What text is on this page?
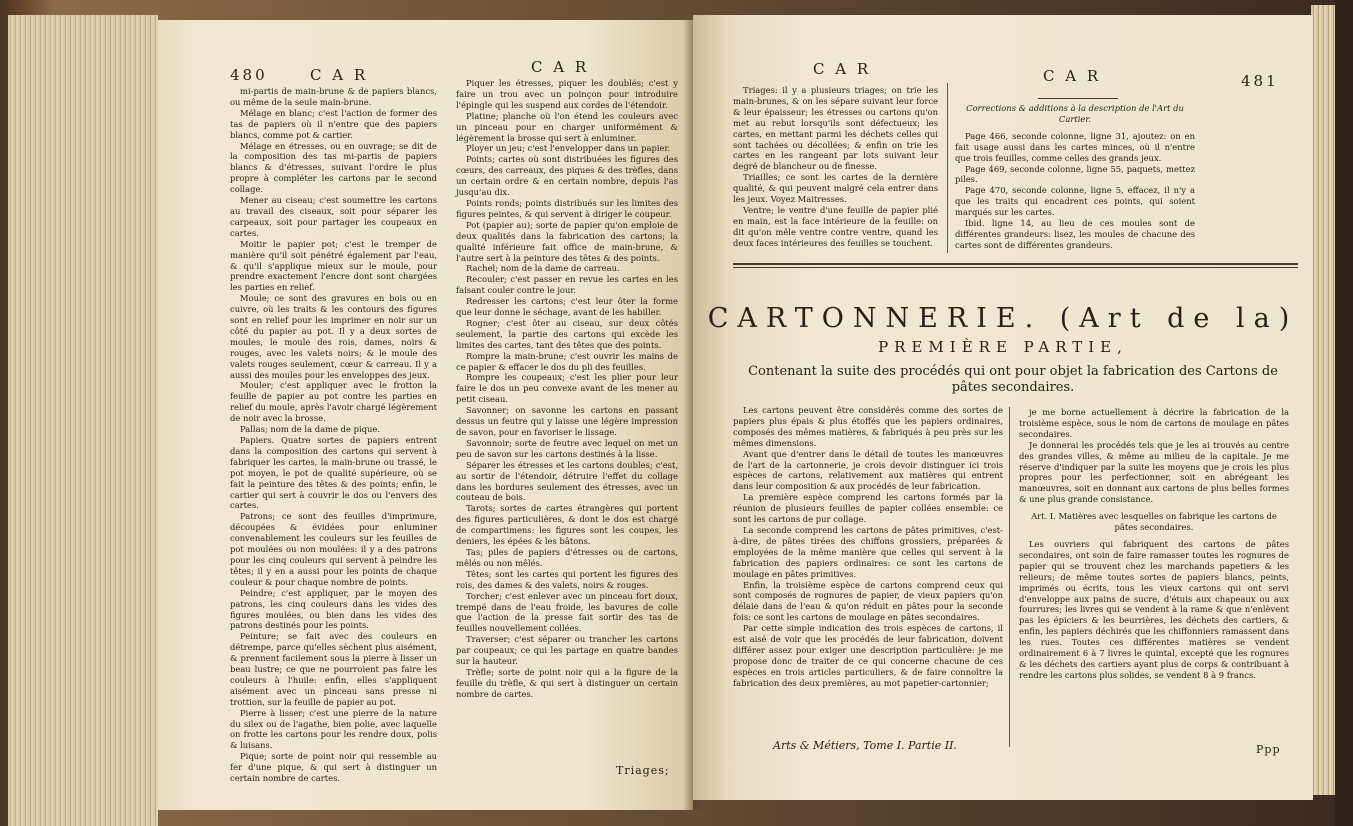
480	C A R	C A R

mi-partis de main-brune & de papiers blancs, ou même de la seule main-brune.

Mélage en blanc; c'est l'action de former des tas de papiers où il n'entre que des papiers blancs, comme pot & cartier.

Mélage en étresses, ou en ouvrage; se dit de la composition des tas mi-partis de papiers blancs & d'étresses, suivant l'ordre le plus propre à compléter les cartons par le second collage.

Mener au ciseau; c'est soumettre les cartons au travail des ciseaux, soit pour séparer les carpeaux, soit pour partager les coupeaux en cartes.

Moitir le papier pot; c'est le tremper de manière qu'il soit pénétré également par l'eau, & qu'il s'applique mieux sur le moule, pour prendre exactement l'encre dont sont chargées les parties en relief.

Moule; ce sont des gravures en bois ou en cuivre, où les traits & les contours des figures sont en relief pour les imprimer en noir sur un côté du papier au pot. Il y a deux sortes de moules, le moule des rois, dames, noirs & rouges, avec les valets noirs; & le moule des valets rouges seulement, cœur & carreau. Il y a aussi des moules pour les enveloppes des jeux.

Mouler; c'est appliquer avec le frotton la feuille de papier au pot contre les parties en relief du moule, après l'avoir chargé légèrement de noir avec la brosse.

Pallas; nom de la dame de pique.

Papiers. Quatre sortes de papiers entrent dans la composition des cartons qui servent à fabriquer les cartes, la main-brune ou trassé, le pot moyen, le pot de qualité supérieure, où se fait la peinture des têtes & des points; enfin, le cartier qui sert à couvrir le dos ou l'envers des cartes.

Patrons; ce sont des feuilles d'imprimure, découpées & évidées pour enluminer convenablement les couleurs sur les feuilles de pot moulées ou non moulées: il y a des patrons pour les cinq couleurs qui servent à peindre les têtes; il y en a aussi pour les points de chaque couleur & pour chaque nombre de points.

Peindre; c'est appliquer, par le moyen des patrons, les cinq couleurs dans les vides des figures moulées, ou bien dans les vides des patrons destinés pour les points.

Peinture; se fait avec des couleurs en détrempe, parce qu'elles sèchent plus aisément, & prennent facilement sous la pierre à lisser un beau lustre; ce que ne pourroient pas faire les couleurs à l'huile: enfin, elles s'appliquent aisément avec un pinceau sans presse ni trottion, sur la feuille de papier au pot.

Pierre à lisser; c'est une pierre de la nature du silex ou de l'agathe, bien polie, avec laquelle on frotte les cartons pour les rendre doux, polis & luisans.

Pique; sorte de point noir qui ressemble au fer d'une pique, & qui sert à distinguer un certain nombre de cartes.

Piquer les étresses, piquer les doublés; c'est y faire un trou avec un poinçon pour introduire l'épingle qui les suspend aux cordes de l'étendoir.

Platine; planche où l'on étend les couleurs avec un pinceau pour en charger uniformément & légèrement la brosse qui sert à enluminer.

Ployer un jeu; c'est l'envelopper dans un papier.

Points; cartes où sont distribuées les figures des cœurs, des carreaux, des piques & des trèfles, dans un certain ordre & en certain nombre, depuis l'as jusqu'au dix.

Points ronds; points distribués sur les limites des figures peintes, & qui servent à diriger le coupeur.

Pot (papier au); sorte de papier qu'on emploie de deux qualités dans la fabrication des cartons; la qualité inférieure fait office de main-brune, & l'autre sert à la peinture des têtes & des points.

Rachel; nom de la dame de carreau.

Recouler; c'est passer en revue les cartes en les faisant couler contre le jour.

Redresser les cartons; c'est leur ôter la forme que leur donne le séchage, avant de les habiller.

Rogner; c'est ôter au ciseau, sur deux côtés seulement, la partie des cartons qui excède les limites des cartes, tant des têtes que des points.

Rompre la main-brune; c'est ouvrir les mains de ce papier & effacer le dos du pli des feuilles.

Rompre les coupeaux; c'est les plier pour leur faire le dos un peu convexe avant de les mener au petit ciseau.

Savonner; on savonne les cartons en passant dessus un feutre qui y laisse une légère impression de savon, pour en favoriser le lissage.

Savonnoir; sorte de feutre avec lequel on met un peu de savon sur les cartons destinés à la lisse.

Séparer les étresses et les cartons doubles; c'est, au sortir de l'étendoir, détruire l'effet du collage dans les bordures seulement des étresses, avec un couteau de bois.

Tarots; sortes de cartes étrangères qui portent des figures particulières, & dont le dos est chargé de compartimens: les figures sont les coupes, les deniers, les épées & les bâtons.

Tas; piles de papiers d'étresses ou de cartons, mêlés ou non mêlés.

Têtes; sont les cartes qui portent les figures des rois, des dames & des valets, noirs & rouges.

Torcher; c'est enlever avec un pinceau fort doux, trempé dans de l'eau froide, les bavures de colle que l'action de la presse fait sortir des tas de feuilles nouvellement collées.

Traverser; c'est séparer ou trancher les cartons par coupeaux; ce qui les partage en quatre bandes sur la hauteur.

Trèfle; sorte de point noir qui a la figure de la feuille du trèfle, & qui sert à distinguer un certain nombre de cartes.

Triages;
C A R	C A R	481

Triages: il y a plusieurs triages; on trie les main-brunes, & on les sépare suivant leur force & leur épaisseur; les étresses ou cartons qu'on met au rebut lorsqu'ils sont défectueux; les cartes, en mettant parmi les déchets celles qui sont tachées ou décollées; & enfin on trie les cartes en les rangeant par lots suivant leur degré de blancheur ou de finesse.

Triailles; ce sont les cartes de la dernière qualité, & qui peuvent malgré cela entrer dans les jeux. Voyez Maitresses.

Ventre; le ventre d'une feuille de papier plié en main, est la face intérieure de la feuille: on dit qu'on mêle ventre contre ventre, quand les deux faces intérieures des feuilles se touchent.

Corrections & additions à la description de l'Art du Cartier.

Page 466, seconde colonne, ligne 31, ajoutez: on en fait usage aussi dans les cartes minces, où il n'entre que trois feuilles, comme celles des grands jeux.

Page 469, seconde colonne, ligne 55, paquets, mettez piles.

Page 470, seconde colonne, ligne 5, effacez, il n'y a que les traits qui encadrent ces points, qui soient marqués sur les cartes.

Ibid. ligne 14, au lieu de ces moules sont de différentes grandeurs: lisez, les moules de chacune des cartes sont de différentes grandeurs.

CARTONNERIE. (Art de la)
PREMIÈRE PARTIE,
Contenant la suite des procédés qui ont pour objet la fabrication des Cartons de pâtes secondaires.

Les cartons peuvent être considérés comme des sortes de papiers plus épais & plus étoffés que les papiers ordinaires, composés des mêmes matières, & fabriqués à peu près sur les mêmes dimensions.

Avant que d'entrer dans le détail de toutes les manœuvres de l'art de la cartonnerie, je crois devoir distinguer ici trois espèces de cartons, relativement aux matières qui entrent dans leur composition & aux procédés de leur fabrication.

La première espèce comprend les cartons formés par la réunion de plusieurs feuilles de papier collées ensemble: ce sont les cartons de pur collage.

La seconde comprend les cartons de pâtes primitives, c'est-à-dire, de pâtes tirées des chiffons grossiers, préparées & employées de la même manière que celles qui servent à la fabrication des papiers ordinaires: ce sont les cartons de moulage en pâtes primitives.

Enfin, la troisième espèce de cartons comprend ceux qui sont composés de rognures de papier, de vieux papiers qu'on délaie dans de l'eau & qu'on réduit en pâtes pour la seconde fois: ce sont les cartons de moulage en pâtes secondaires.

Par cette simple indication des trois espèces de cartons, il est aisé de voir que les procédés de leur fabrication, doivent différer assez pour exiger une description particulière: je me propose donc de traiter de ce qui concerne chacune de ces espèces en trois articles particuliers, & de faire connoître la fabrication des deux premières, au mot papetier-cartonnier;

Arts & Métiers, Tome I. Partie II.

je me borne actuellement à décrire la fabrication de la troisième espèce, sous le nom de cartons de moulage en pâtes secondaires.

Je donnerai les procédés tels que je les ai trouvés au centre des grandes villes, & même au milieu de la capitale. Je me réserve d'indiquer par la suite les moyens que je crois les plus propres pour les perfectionner, soit en abrégeant les manœuvres, soit en donnant aux cartons de plus belles formes & une plus grande consistance.

Art. I. Matières avec lesquelles on fabrique les cartons de pâtes secondaires.

Les ouvriers qui fabriquent des cartons de pâtes secondaires, ont soin de faire ramasser toutes les rognures de papier qui se trouvent chez les marchands papetiers & les relieurs; de même toutes sortes de papiers blancs, peints, imprimés ou écrits, tous les vieux cartons qui ont servi d'enveloppe aux pains de sucre, d'étuis aux chapeaux ou aux fourrures; les livres qui se vendent à la rame & que n'enlèvent pas les épiciers & les beurrières, les déchets des cartiers, & enfin, les papiers déchirés que les chiffonniers ramassent dans les rues. Toutes ces différentes matières se vendent ordinairement 6 à 7 livres le quintal, excepté que les rognures & les déchets des cartiers ayant plus de corps & contribuant à rendre les cartons plus solides, se vendent 8 à 9 francs.

Ppp
